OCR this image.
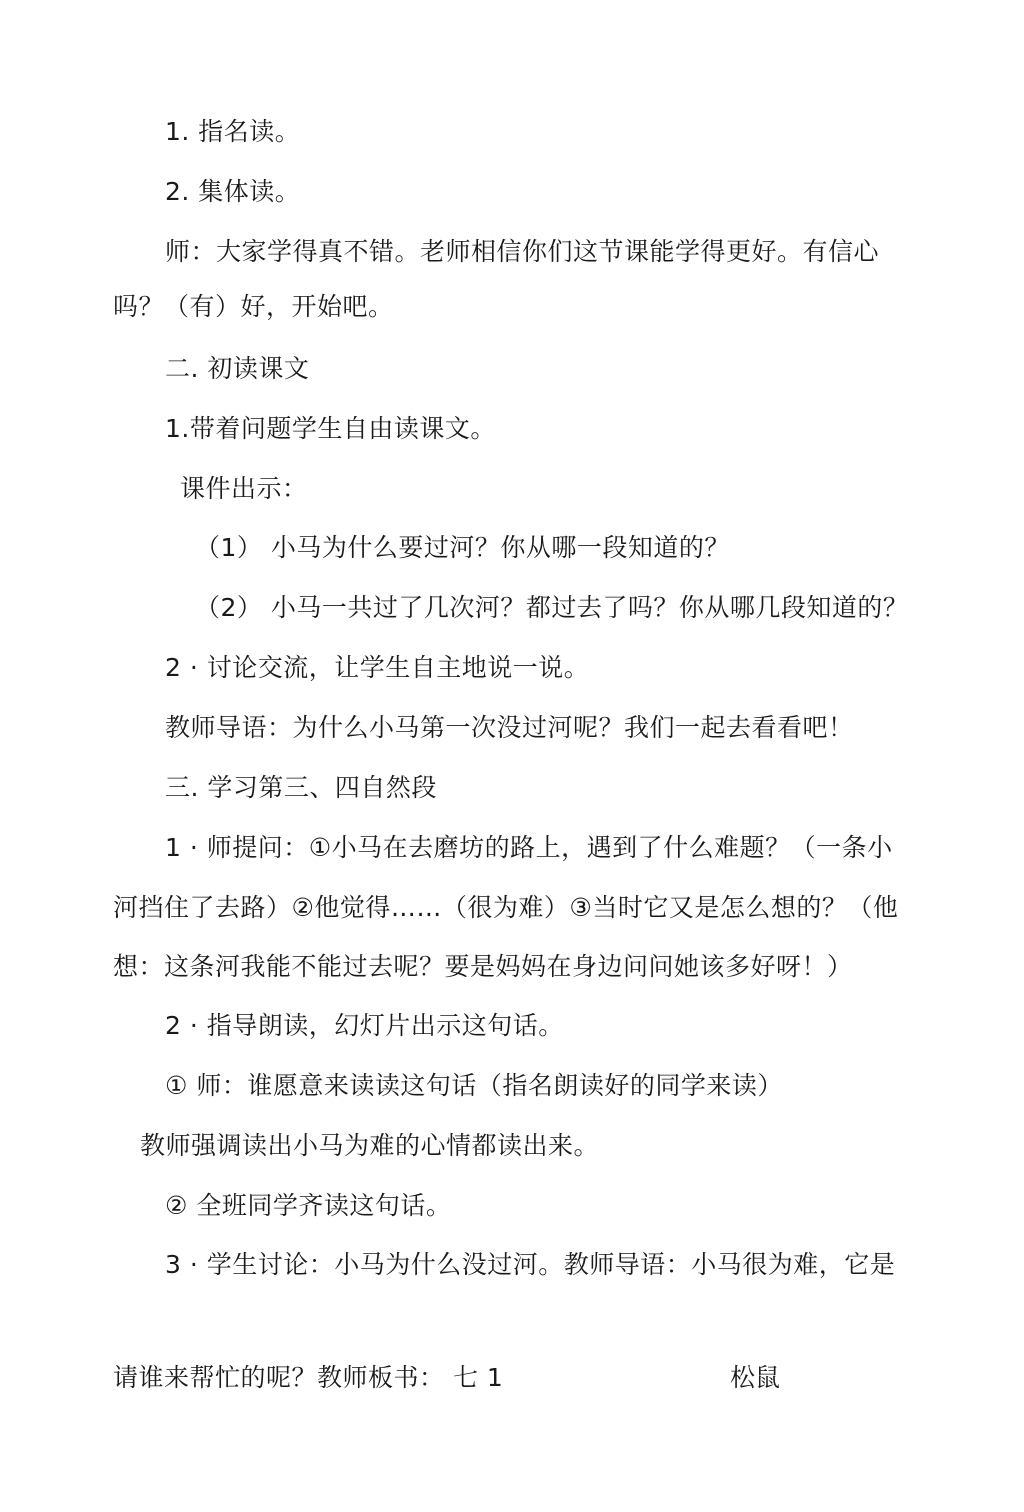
1. 指名读。
2. 集体读。
师：大家学得真不错。老师相信你们这节课能学得更好。有信心
吗？（有）好，开始吧。
二. 初读课文
1.带着问题学生自由读课文。
课件出示：
（1） 小马为什么要过河？你从哪一段知道的？
（2） 小马一共过了几次河？都过去了吗？你从哪几段知道的？
2 · 讨论交流，让学生自主地说一说。
教师导语：为什么小马第一次没过河呢？我们一起去看看吧！
三. 学习第三、四自然段
1 · 师提问：①小马在去磨坊的路上，遇到了什么难题？（一条小
河挡住了去路）②他觉得……（很为难）③当时它又是怎么想的？（他
想：这条河我能不能过去呢？要是妈妈在身边问问她该多好呀！）
2 · 指导朗读，幻灯片出示这句话。
① 师：谁愿意来读读这句话（指名朗读好的同学来读）
教师强调读出小马为难的心情都读出来。
② 全班同学齐读这句话。
3 · 学生讨论：小马为什么没过河。教师导语：小马很为难，它是
请谁来帮忙的呢？教师板书： 七 1	松鼠
